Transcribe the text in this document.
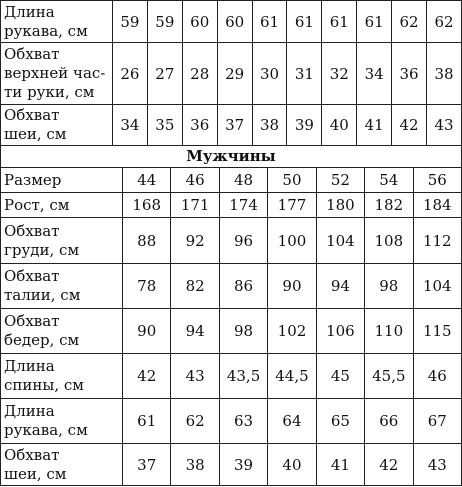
Длина
рукава, см	59	59	60	60	61	61	61	61	62	62

Обхват
верхней час-
ти руки, см	26	27	28	29	30	31	32	34	36	38

Обхват
шеи, см	34	35	36	37	38	39	40	41	42	43
Мужчины
Размер	44	46	48	50	52	54	56

Рост, см	168	171	174	177	180	182	184

Обхват
груди, см	88	92	96	100	104	108	112

Обхват
талии, см	78	82	86	90	94	98	104

Обхват
бедер, см	90	94	98	102	106	110	115

Длина
спины, см	42	43	43,5	44,5	45	45,5	46

Длина
рукава, см	61	62	63	64	65	66	67

Обхват
шеи, см	37	38	39	40	41	42	43
